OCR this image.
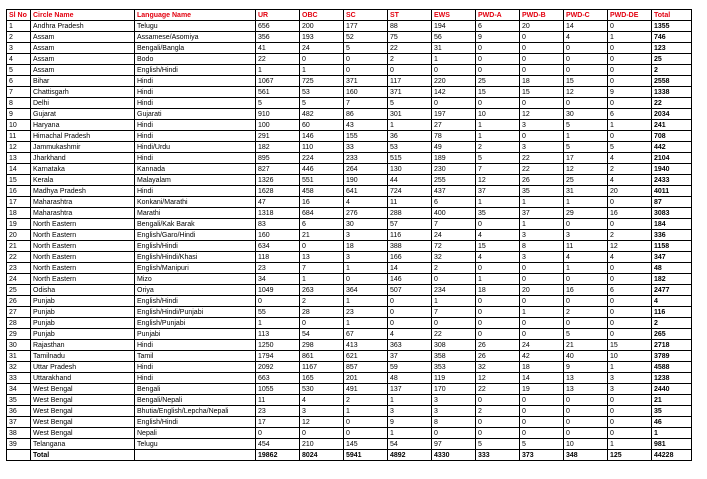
Sl No	Circle Name	Language Name	UR	OBC	SC	ST	EWS	PWD-A	PWD-B	PWD-C	PWD-DE	Total
1	Andhra Pradesh	Telugu	656	200	177	88	194	6	20	14	0	1355
2	Assam	Assamese/Asomiya	356	193	52	75	56	9	0	4	1	746
3	Assam	Bengali/Bangla	41	24	5	22	31	0	0	0	0	123
4	Assam	Bodo	22	0	0	2	1	0	0	0	0	25
5	Assam	English/Hindi	1	1	0	0	0	0	0	0	0	2
6	Bihar	Hindi	1067	725	371	117	220	25	18	15	0	2558
7	Chattisgarh	Hindi	561	53	160	371	142	15	15	12	9	1338
8	Delhi	Hindi	5	5	7	5	0	0	0	0	0	22
9	Gujarat	Gujarati	910	482	86	301	197	10	12	30	6	2034
10	Haryana	Hindi	100	60	43	1	27	1	3	5	1	241
11	Himachal Pradesh	Hindi	291	146	155	36	78	1	0	1	0	708
12	Jammukashmir	Hindi/Urdu	182	110	33	53	49	2	3	5	5	442
13	Jharkhand	Hindi	895	224	233	515	189	5	22	17	4	2104
14	Karnataka	Kannada	827	446	264	130	230	7	22	12	2	1940
15	Kerala	Malayalam	1326	551	190	44	255	12	26	25	4	2433
16	Madhya Pradesh	Hindi	1628	458	641	724	437	37	35	31	20	4011
17	Maharashtra	Konkani/Marathi	47	16	4	11	6	1	1	1	0	87
18	Maharashtra	Marathi	1318	684	276	288	400	35	37	29	16	3083
19	North Eastern	Bengali/Kak Barak	83	6	30	57	7	0	1	0	0	184
20	North Eastern	English/Garo/Hindi	160	21	3	116	24	4	3	3	2	336
21	North Eastern	English/Hindi	634	0	18	388	72	15	8	11	12	1158
22	North Eastern	English/Hindi/Khasi	118	13	3	166	32	4	3	4	4	347
23	North Eastern	English/Manipuri	23	7	1	14	2	0	0	1	0	48
24	North Eastern	Mizo	34	1	0	146	0	1	0	0	0	182
25	Odisha	Oriya	1049	263	364	507	234	18	20	16	6	2477
26	Punjab	English/Hindi	0	2	1	0	1	0	0	0	0	4
27	Punjab	English/Hindi/Punjabi	55	28	23	0	7	0	1	2	0	116
28	Punjab	English/Punjabi	1	0	1	0	0	0	0	0	0	2
29	Punjab	Punjabi	113	54	67	4	22	0	0	5	0	265
30	Rajasthan	Hindi	1250	298	413	363	308	26	24	21	15	2718
31	Tamilnadu	Tamil	1794	861	621	37	358	26	42	40	10	3789
32	Uttar Pradesh	Hindi	2092	1167	857	59	353	32	18	9	1	4588
33	Uttarakhand	Hindi	663	165	201	48	119	12	14	13	3	1238
34	West Bengal	Bengali	1055	530	491	137	170	22	19	13	3	2440
35	West Bengal	Bengali/Nepali	11	4	2	1	3	0	0	0	0	21
36	West Bengal	Bhutia/English/Lepcha/Nepali	23	3	1	3	3	2	0	0	0	35
37	West Bengal	English/Hindi	17	12	0	9	8	0	0	0	0	46
38	West Bengal	Nepali	0	0	0	1	0	0	0	0	0	1
39	Telangana	Telugu	454	210	145	54	97	5	5	10	1	981
	Total		19862	8024	5941	4892	4330	333	373	348	125	44228
